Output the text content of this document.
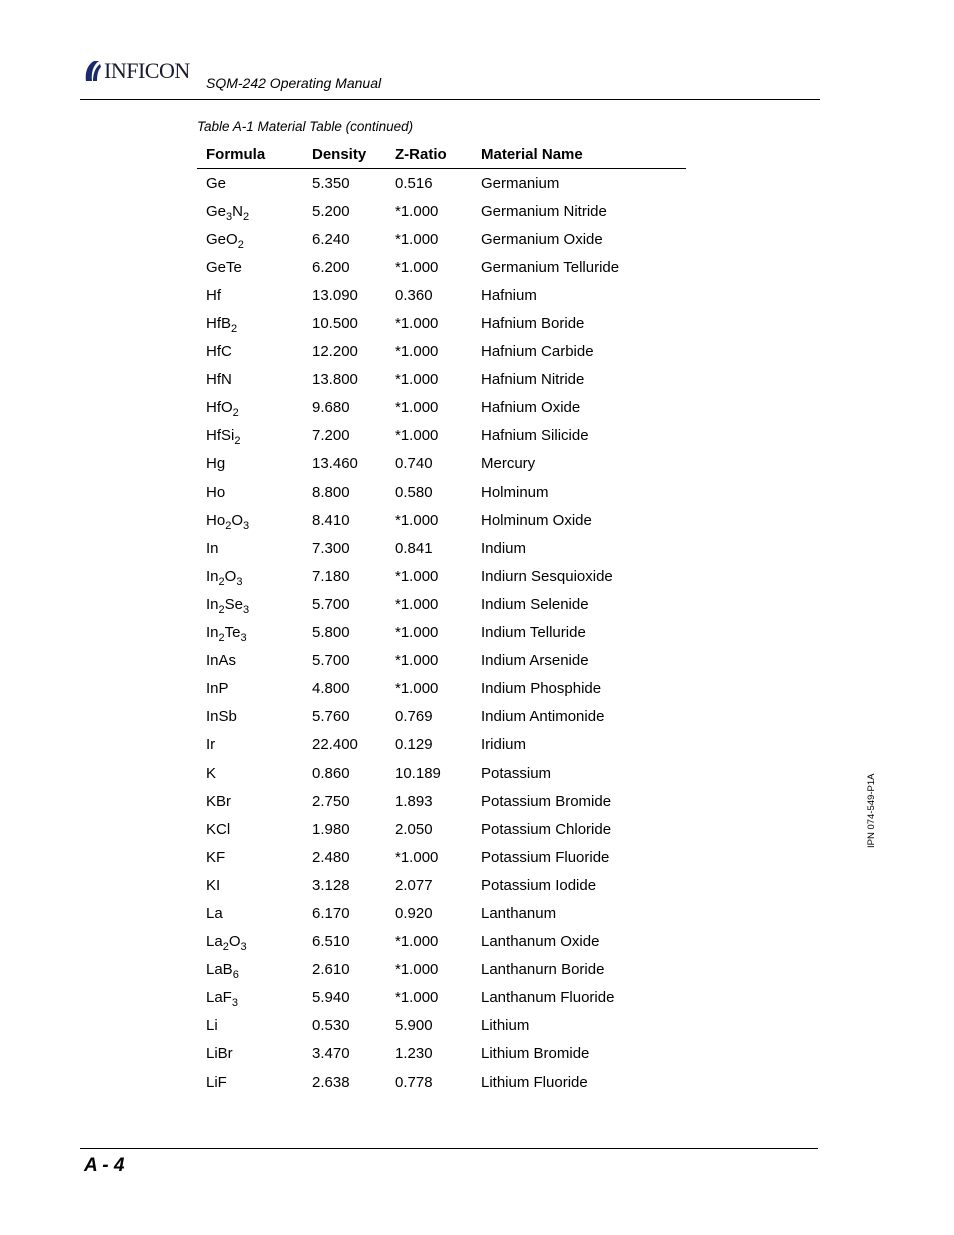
INFICON SQM-242 Operating Manual
Table A-1 Material Table (continued)
Formula	Density	Z-Ratio	Material Name
Ge	5.350	0.516	Germanium
$Ge_3N_2$	5.200	*1.000	Germanium Nitride
GeO$_2$	6.240	*1.000	Germanium Oxide
GeTe	6.200	*1.000	Germanium Telluride
Hf	13.090	0.360	Hafnium
HfB$_2$	10.500	*1.000	Hafnium Boride
HfC	12.200	*1.000	Hafnium Carbide
HfN	13.800	*1.000	Hafnium Nitride
HfO$_2$	9.680	*1.000	Hafnium Oxide
HfSi$_2$	7.200	*1.000	Hafnium Silicide
Hg	13.460	0.740	Mercury
Ho	8.800	0.580	Holminum
$Ho_2O_3$	8.410	*1.000	Holminum Oxide
In	7.300	0.841	Indium
$In_2O_3$	7.180	*1.000	Indiurn Sesquioxide
$In_2Se_3$	5.700	*1.000	Indium Selenide
$In_2Te_3$	5.800	*1.000	Indium Telluride
InAs	5.700	*1.000	Indium Arsenide
InP	4.800	*1.000	Indium Phosphide
InSb	5.760	0.769	Indium Antimonide
Ir	22.400	0.129	Iridium
K	0.860	10.189	Potassium
KBr	2.750	1.893	Potassium Bromide
KCl	1.980	2.050	Potassium Chloride
KF	2.480	*1.000	Potassium Fluoride
KI	3.128	2.077	Potassium Iodide
La	6.170	0.920	Lanthanum
$La_2O_3$	6.510	*1.000	Lanthanum Oxide
LaB$_6$	2.610	*1.000	Lanthanurn Boride
LaF$_3$	5.940	*1.000	Lanthanum Fluoride
Li	0.530	5.900	Lithium
LiBr	3.470	1.230	Lithium Bromide
LiF	2.638	0.778	Lithium Fluoride
IPN 074-549-P1A
A - 4
